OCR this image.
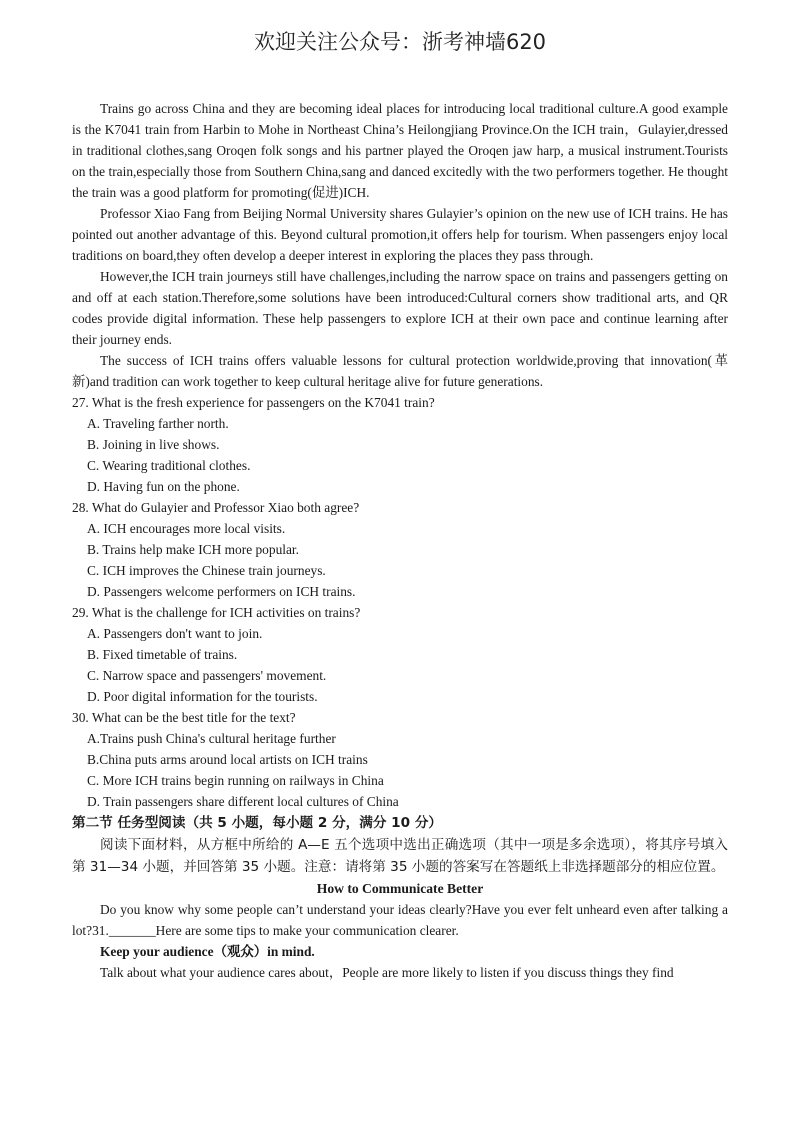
欢迎关注公众号：浙考神墙620

Trains go across China and they are becoming ideal places for introducing local traditional culture.A good example is the K7041 train from Harbin to Mohe in Northeast China’s Heilongjiang Province.On the ICH train，Gulayier,dressed in traditional clothes,sang Oroqen folk songs and his partner played the Oroqen jaw harp, a musical instrument.Tourists on the train,especially those from Southern China,sang and danced excitedly with the two performers together. He thought the train was a good platform for promoting(促进)ICH.

Professor Xiao Fang from Beijing Normal University shares Gulayier’s opinion on the new use of ICH trains. He has pointed out another advantage of this. Beyond cultural promotion,it offers help for tourism. When passengers enjoy local traditions on board,they often develop a deeper interest in exploring the places they pass through.

However,the ICH train journeys still have challenges,including the narrow space on trains and passengers getting on and off at each station.Therefore,some solutions have been introduced:Cultural corners show traditional arts, and QR codes provide digital information. These help passengers to explore ICH at their own pace and continue learning after their journey ends.

The success of ICH trains offers valuable lessons for cultural protection worldwide,proving that innovation(革新)and tradition can work together to keep cultural heritage alive for future generations.

27. What is the fresh experience for passengers on the K7041 train?

A. Traveling farther north.

B. Joining in live shows.

C. Wearing traditional clothes.

D. Having fun on the phone.

28. What do Gulayier and Professor Xiao both agree?

A. ICH encourages more local visits.

B. Trains help make ICH more popular.

C. ICH improves the Chinese train journeys.

D. Passengers welcome performers on ICH trains.

29. What is the challenge for ICH activities on trains?

A. Passengers don't want to join.

B. Fixed timetable of trains.

C. Narrow space and passengers' movement.

D. Poor digital information for the tourists.

30. What can be the best title for the text?

A.Trains push China's cultural heritage further

B.China puts arms around local artists on ICH trains

C. More ICH trains begin running on railways in China

D. Train passengers share different local cultures of China

第二节 任务型阅读（共 5 小题，每小题 2 分，满分 10 分）

阅读下面材料，从方框中所给的 A—E 五个选项中选出正确选项（其中一项是多余选项），将其序号填入第 31—34 小题，并回答第 35 小题。注意：请将第 35 小题的答案写在答题纸上非选择题部分的相应位置。

How to Communicate Better

Do you know why some people can’t understand your ideas clearly?Have you ever felt unheard even after talking a lot?31._______Here are some tips to make your communication clearer.

Keep your audience（观众）in mind.

Talk about what your audience cares about，People are more likely to listen if you discuss things they find
